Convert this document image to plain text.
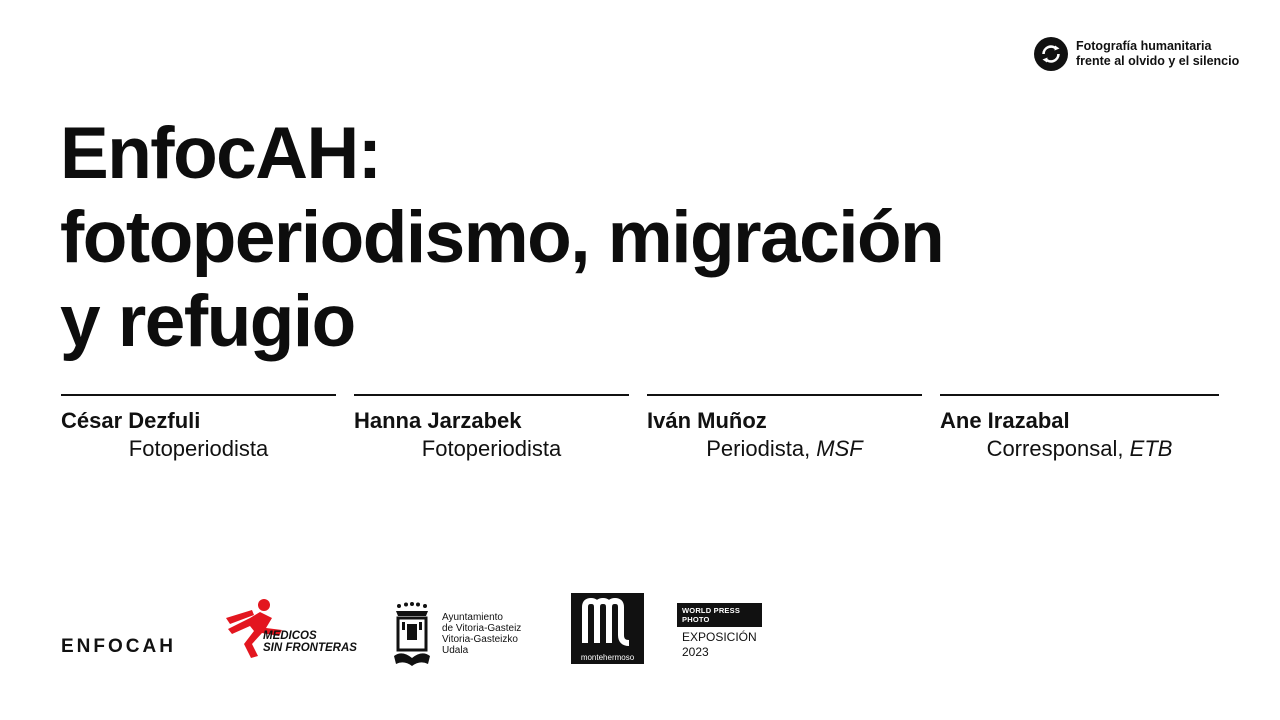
Fotografía humanitaria
frente al olvido y el silencio
EnfocAH:
fotoperiodismo, migración
y refugio
César Dezfuli
Fotoperiodista
Hanna Jarzabek
Fotoperiodista
Iván Muñoz
Periodista, MSF
Ane Irazabal
Corresponsal, ETB
ENFOCAH	MEDICOS
SIN FRONTERAS
Ayuntamiento
de Vitoria-Gasteiz
Vitoria-Gasteizko
Udala
montehermoso
WORLD PRESS PHOTO
EXPOSICIÓN
2023
